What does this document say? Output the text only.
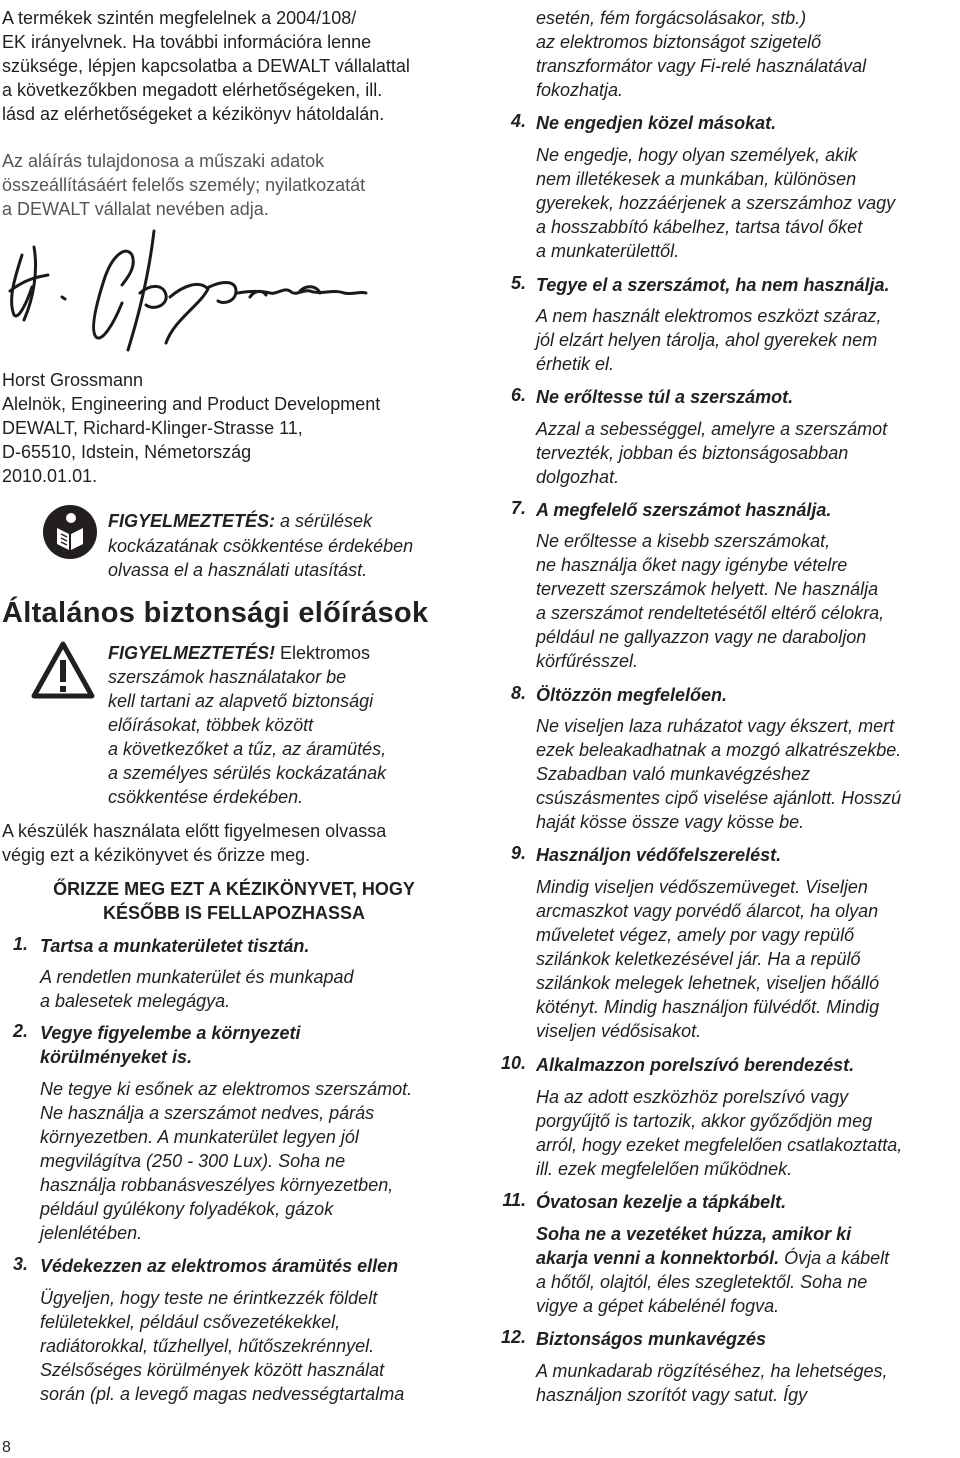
A termékek szintén megfelelnek a 2004/108/
EK irányelvnek. Ha további információra lenne
szüksége, lépjen kapcsolatba a DEWALT vállalattal
a következőkben megadott elérhetőségeken, ill.
lásd az elérhetőségeket a kézikönyv hátoldalán.
Az aláírás tulajdonosa a műszaki adatok
összeállításáért felelős személy; nyilatkozatát
a DEWALT vállalat nevében adja.
Horst Grossmann
Alelnök, Engineering and Product Development
DEWALT, Richard-Klinger-Strasse 11,
D-65510, Idstein, Németország
2010.01.01.
FIGYELMEZTETÉS: a sérülések
kockázatának csökkentése érdekében
olvassa el a használati utasítást.
Általános biztonsági előírások
FIGYELMEZTETÉS! Elektromos
szerszámok használatakor be
kell tartani az alapvető biztonsági
előírásokat, többek között
a következőket a tűz, az áramütés,
a személyes sérülés kockázatának
csökkentése érdekében.
A készülék használata előtt figyelmesen olvassa
végig ezt a kézikönyvet és őrizze meg.
ŐRIZZE MEG EZT A KÉZIKÖNYVET, HOGY
KÉSŐBB IS FELLAPOZHASSA
1. Tartsa a munkaterületet tisztán.
A rendetlen munkaterület és munkapad
a balesetek melegágya.
2. Vegye figyelembe a környezeti
körülményeket is.
Ne tegye ki esőnek az elektromos szerszámot.
Ne használja a szerszámot nedves, párás
környezetben. A munkaterület legyen jól
megvilágítva (250 - 300 Lux). Soha ne
használja robbanásveszélyes környezetben,
például gyúlékony folyadékok, gázok
jelenlétében.
3. Védekezzen az elektromos áramütés ellen
Ügyeljen, hogy teste ne érintkezzék földelt
felületekkel, például csővezetékekkel,
radiátorokkal, tűzhellyel, hűtőszekrénnyel.
Szélsőséges körülmények között használat
során (pl. a levegő magas nedvességtartalma
8
esetén, fém forgácsolásakor, stb.)
az elektromos biztonságot szigetelő
transzformátor vagy Fi-relé használatával
fokozhatja.
4. Ne engedjen közel másokat.
Ne engedje, hogy olyan személyek, akik
nem illetékesek a munkában, különösen
gyerekek, hozzáérjenek a szerszámhoz vagy
a hosszabbító kábelhez, tartsa távol őket
a munkaterülettől.
5. Tegye el a szerszámot, ha nem használja.
A nem használt elektromos eszközt száraz,
jól elzárt helyen tárolja, ahol gyerekek nem
érhetik el.
6. Ne erőltesse túl a szerszámot.
Azzal a sebességgel, amelyre a szerszámot
tervezték, jobban és biztonságosabban
dolgozhat.
7. A megfelelő szerszámot használja.
Ne erőltesse a kisebb szerszámokat,
ne használja őket nagy igénybe vételre
tervezett szerszámok helyett. Ne használja
a szerszámot rendeltetésétől eltérő célokra,
például ne gallyazzon vagy ne daraboljon
körfűrésszel.
8. Öltözzön megfelelően.
Ne viseljen laza ruházatot vagy ékszert, mert
ezek beleakadhatnak a mozgó alkatrészekbe.
Szabadban való munkavégzéshez
csúszásmentes cipő viselése ajánlott. Hosszú
haját kösse össze vagy kösse be.
9. Használjon védőfelszerelést.
Mindig viseljen védőszemüveget. Viseljen
arcmaszkot vagy porvédő álarcot, ha olyan
műveletet végez, amely por vagy repülő
szilánkok keletkezésével jár. Ha a repülő
szilánkok melegek lehetnek, viseljen hőálló
kötényt. Mindig használjon fülvédőt. Mindig
viseljen védősisakot.
10. Alkalmazzon porelszívó berendezést.
Ha az adott eszközhöz porelszívó vagy
porgyűjtő is tartozik, akkor győződjön meg
arról, hogy ezeket megfelelően csatlakoztatta,
ill. ezek megfelelően működnek.
11. Óvatosan kezelje a tápkábelt.
Soha ne a vezetéket húzza, amikor ki
akarja venni a konnektorból. Óvja a kábelt
a hőtől, olajtól, éles szegletektől. Soha ne
vigye a gépet kábelénél fogva.
12. Biztonságos munkavégzés
A munkadarab rögzítéséhez, ha lehetséges,
használjon szorítót vagy satut. Így
